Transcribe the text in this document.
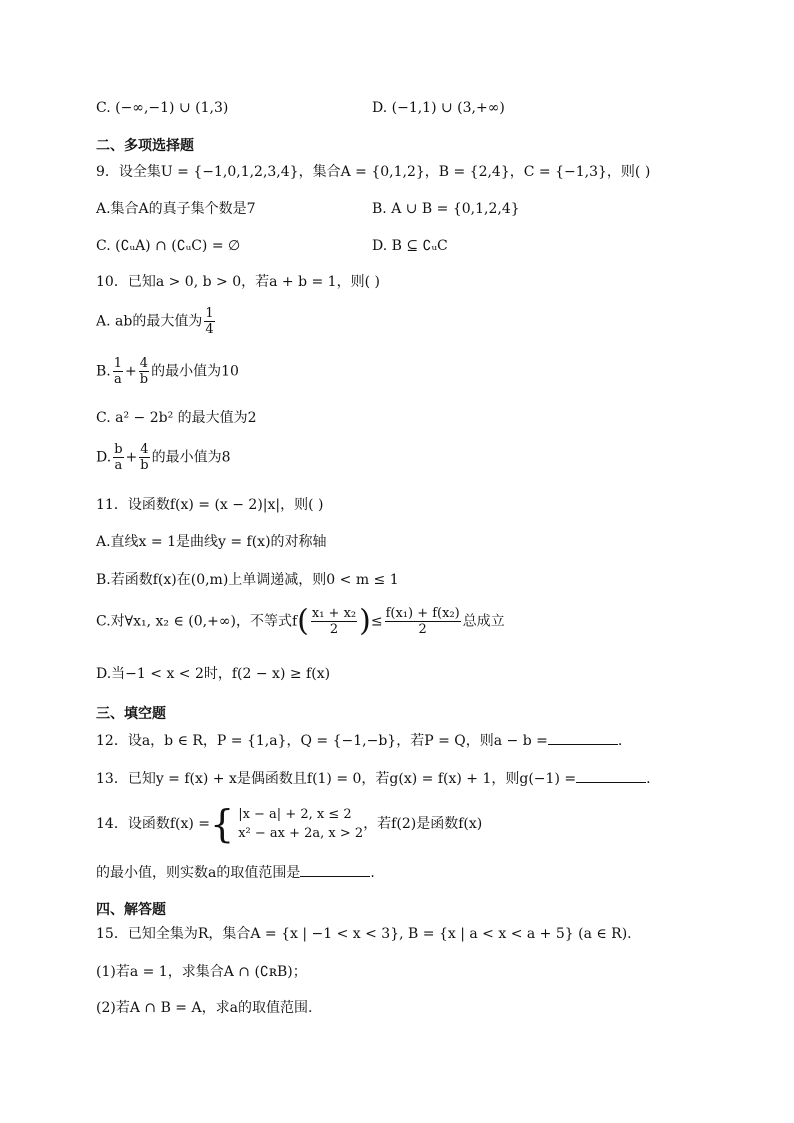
C. (−∞,−1) ∪ (1,3)	D. (−1,1) ∪ (3,+∞)
二、多项选择题
9．设全集U = {−1,0,1,2,3,4}，集合A = {0,1,2}，B = {2,4}，C = {−1,3}，则( )
A.集合A的真子集个数是7	B. A ∪ B = {0,1,2,4}
C. (∁ᵤA) ∩ (∁ᵤC) = ∅	D. B ⊆ ∁ᵤC
10．已知a > 0, b > 0，若a + b = 1，则( )
A. ab的最大值为 $\frac{1}{4}$
B. $\frac{1}{a} + \frac{4}{b}$ 的最小值为10
C. a² − 2b² 的最大值为2
D. $\frac{b}{a} + \frac{4}{b}$ 的最小值为8
11．设函数f(x) = (x − 2)|x|，则( )
A.直线x = 1是曲线y = f(x)的对称轴
B.若函数f(x)在(0,m)上单调递减，则0 < m ≤ 1
C.对∀x₁, x₂ ∈ (0,+∞)，不等式$f( \frac{\text{x₁ + x₂}}{2}$ )≤ $\frac{\text{f(x₁) + f(x₂)}}{2}$ 总成立
D.当−1 < x < 2时，f(2 − x) ≥ f(x)
三、填空题
12．设a，b ∈ R，P = {1,a}，Q = {−1,−b}，若P = Q，则a − b =	.
13．已知y = f(x) + x是偶函数且f(1) = 0，若g(x) = f(x) + 1，则g(−1) =	.
14．设函数f(x) ={ |x − a| + 2, x ≤ 2
x² − ax + 2a, x > 2
，若f(2)是函数f(x)
的最小值，则实数a的取值范围是	.
四、解答题
15．已知全集为R，集合A = {x | −1 < x < 3}, B = {x | a < x < a + 5} (a ∈ R).
(1)若a = 1，求集合A ∩ (∁ʀB)；
(2)若A ∩ B = A，求a的取值范围.
